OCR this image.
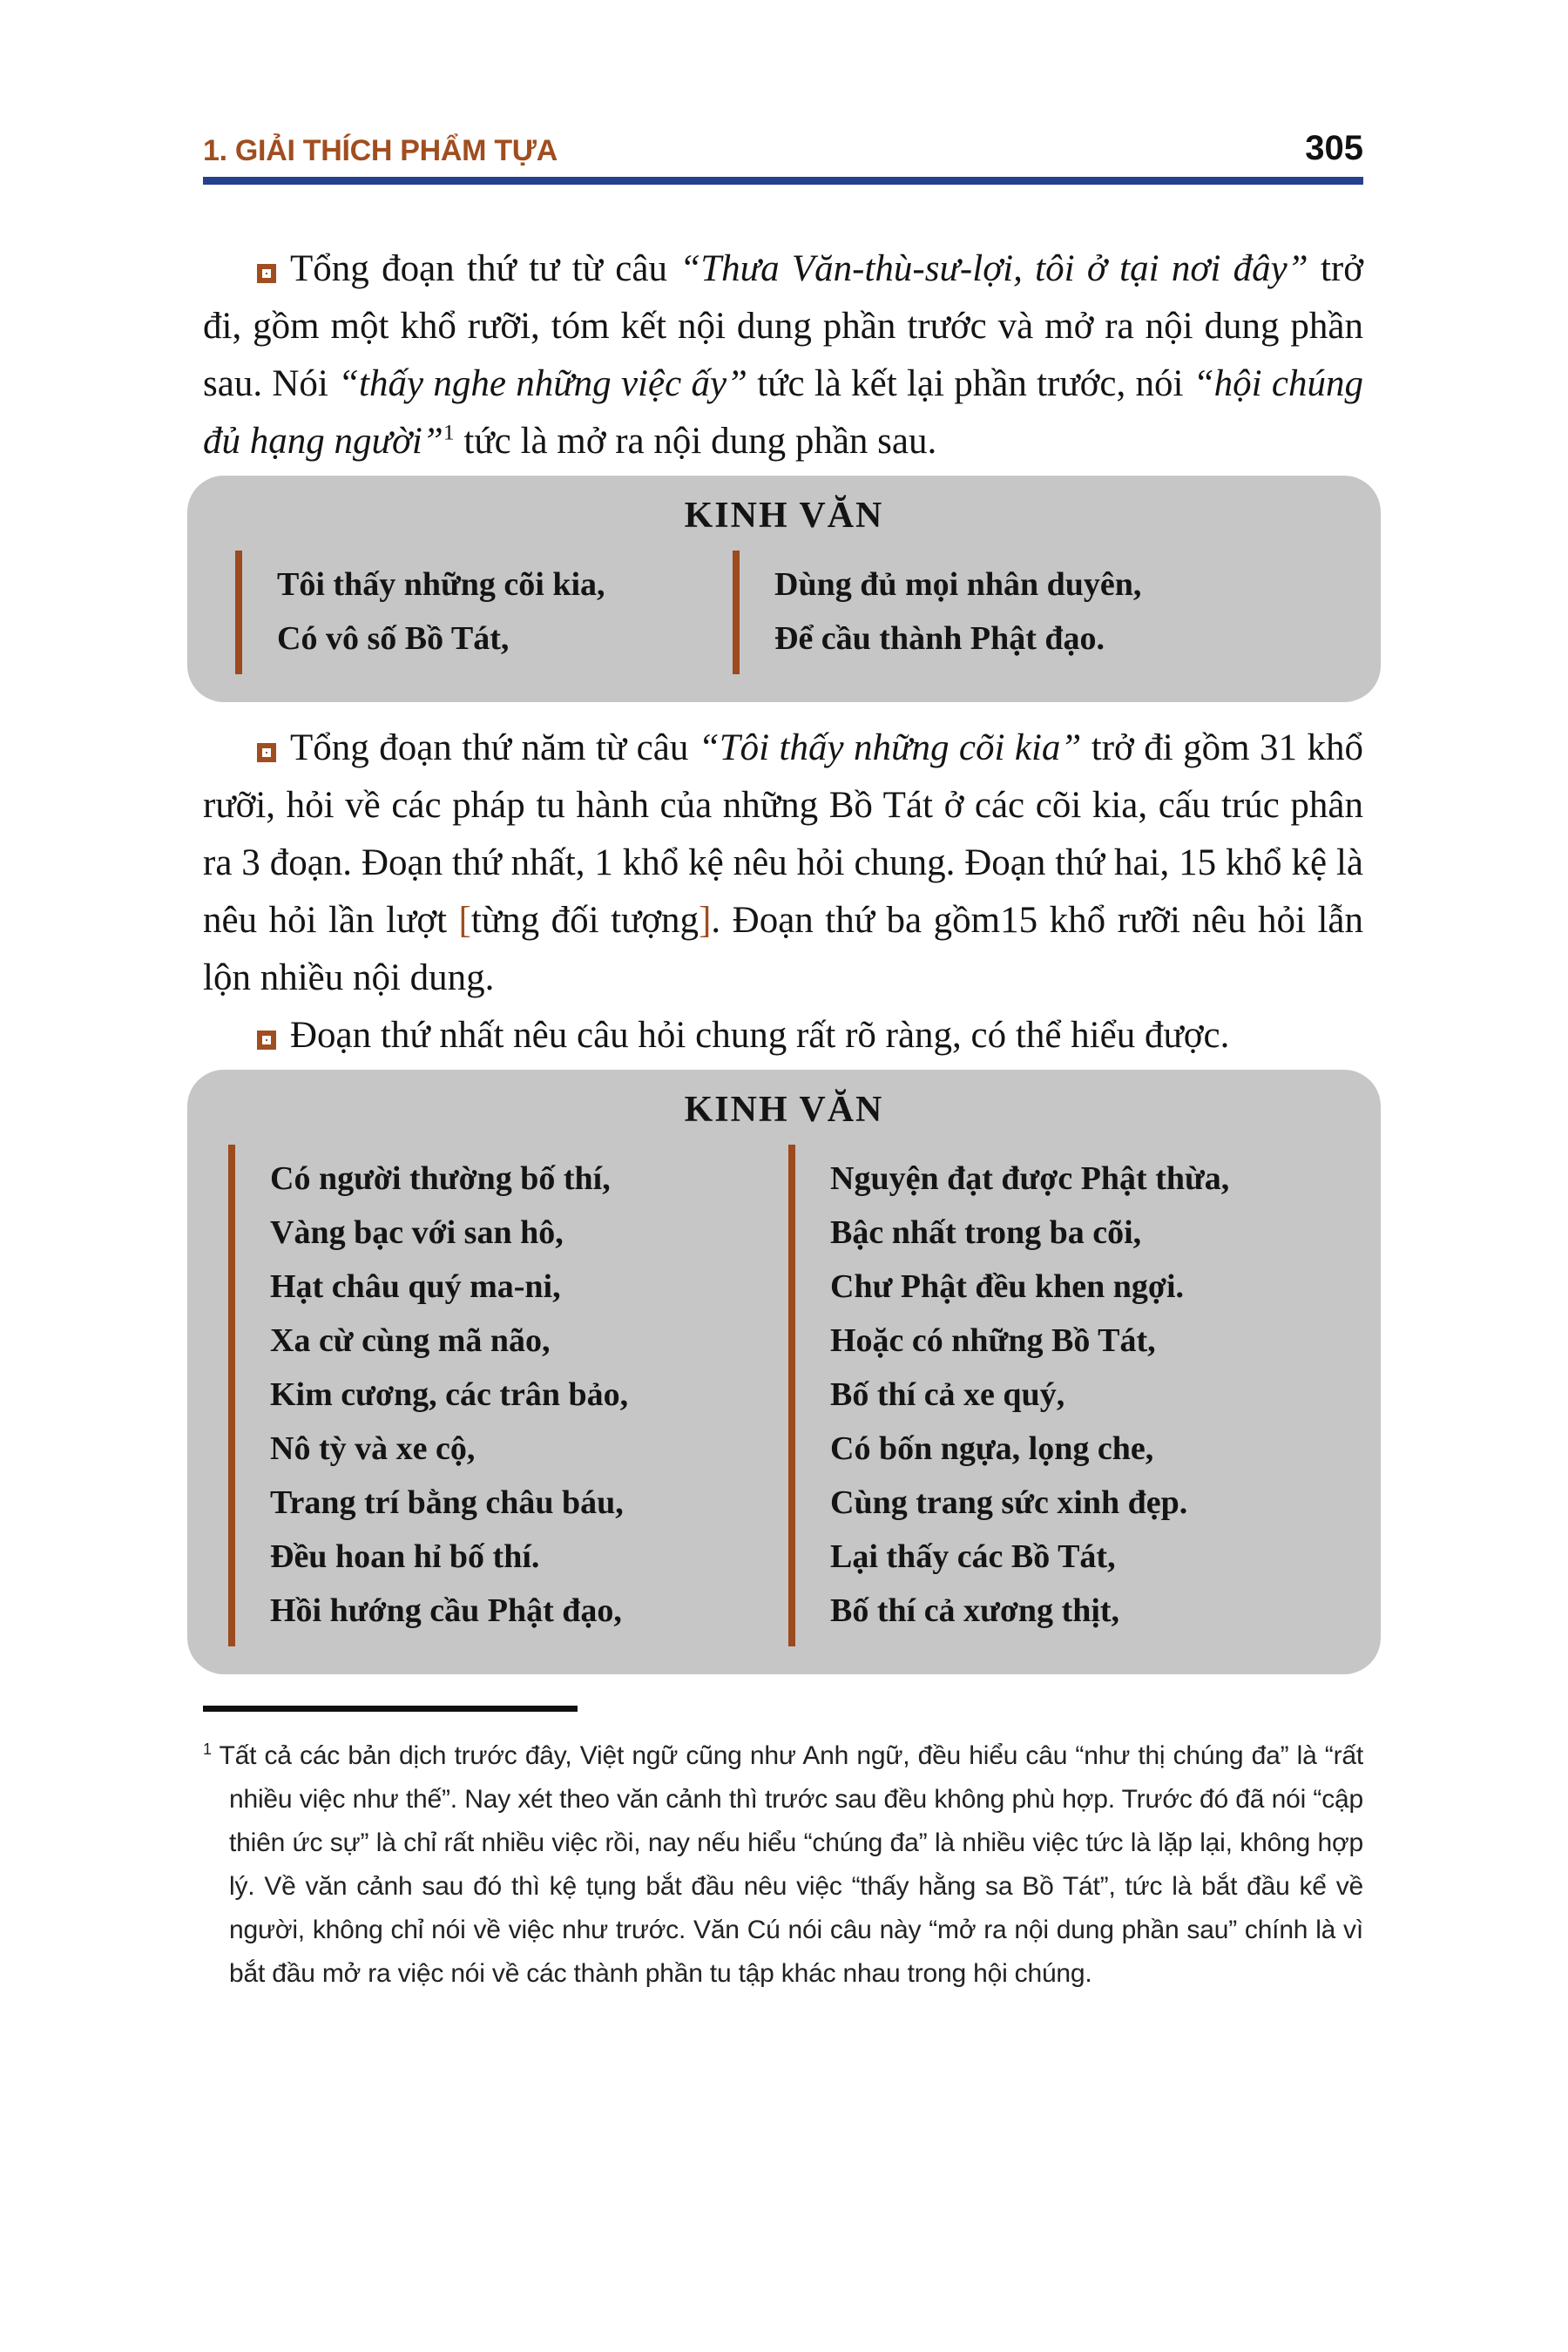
1. GIẢI THÍCH PHẨM TỰA	305

Tổng đoạn thứ tư từ câu “Thưa Văn-thù-sư-lợi, tôi ở tại nơi đây” trở đi, gồm một khổ rưỡi, tóm kết nội dung phần trước và mở ra nội dung phần sau. Nói “thấy nghe những việc ấy” tức là kết lại phần trước, nói “hội chúng đủ hạng người”$^1$ tức là mở ra nội dung phần sau.

KINH VĂN
Tôi thấy những cõi kia,
Có vô số Bồ Tát,
Dùng đủ mọi nhân duyên,
Để cầu thành Phật đạo.

Tổng đoạn thứ năm từ câu “Tôi thấy những cõi kia” trở đi gồm 31 khổ rưỡi, hỏi về các pháp tu hành của những Bồ Tát ở các cõi kia, cấu trúc phân ra 3 đoạn. Đoạn thứ nhất, 1 khổ kệ nêu hỏi chung. Đoạn thứ hai, 15 khổ kệ là nêu hỏi lần lượt [từng đối tượng]. Đoạn thứ ba gồm15 khổ rưỡi nêu hỏi lẫn lộn nhiều nội dung.

Đoạn thứ nhất nêu câu hỏi chung rất rõ ràng, có thể hiểu được.

KINH VĂN
Có người thường bố thí,
Vàng bạc với san hô,
Hạt châu quý ma-ni,
Xa cừ cùng mã não,
Kim cương, các trân bảo,
Nô tỳ và xe cộ,
Trang trí bằng châu báu,
Đều hoan hỉ bố thí.
Hồi hướng cầu Phật đạo,
Nguyện đạt được Phật thừa,
Bậc nhất trong ba cõi,
Chư Phật đều khen ngợi.
Hoặc có những Bồ Tát,
Bố thí cả xe quý,
Có bốn ngựa, lọng che,
Cùng trang sức xinh đẹp.
Lại thấy các Bồ Tát,
Bố thí cả xương thịt,

$^1$ Tất cả các bản dịch trước đây, Việt ngữ cũng như Anh ngữ, đều hiểu câu “như thị chúng đa” là “rất nhiều việc như thế”. Nay xét theo văn cảnh thì trước sau đều không phù hợp. Trước đó đã nói “cập thiên ức sự” là chỉ rất nhiều việc rồi, nay nếu hiểu “chúng đa” là nhiều việc tức là lặp lại, không hợp lý. Về văn cảnh sau đó thì kệ tụng bắt đầu nêu việc “thấy hằng sa Bồ Tát”, tức là bắt đầu kể về người, không chỉ nói về việc như trước. Văn Cú nói câu này “mở ra nội dung phần sau” chính là vì bắt đầu mở ra việc nói về các thành phần tu tập khác nhau trong hội chúng.
